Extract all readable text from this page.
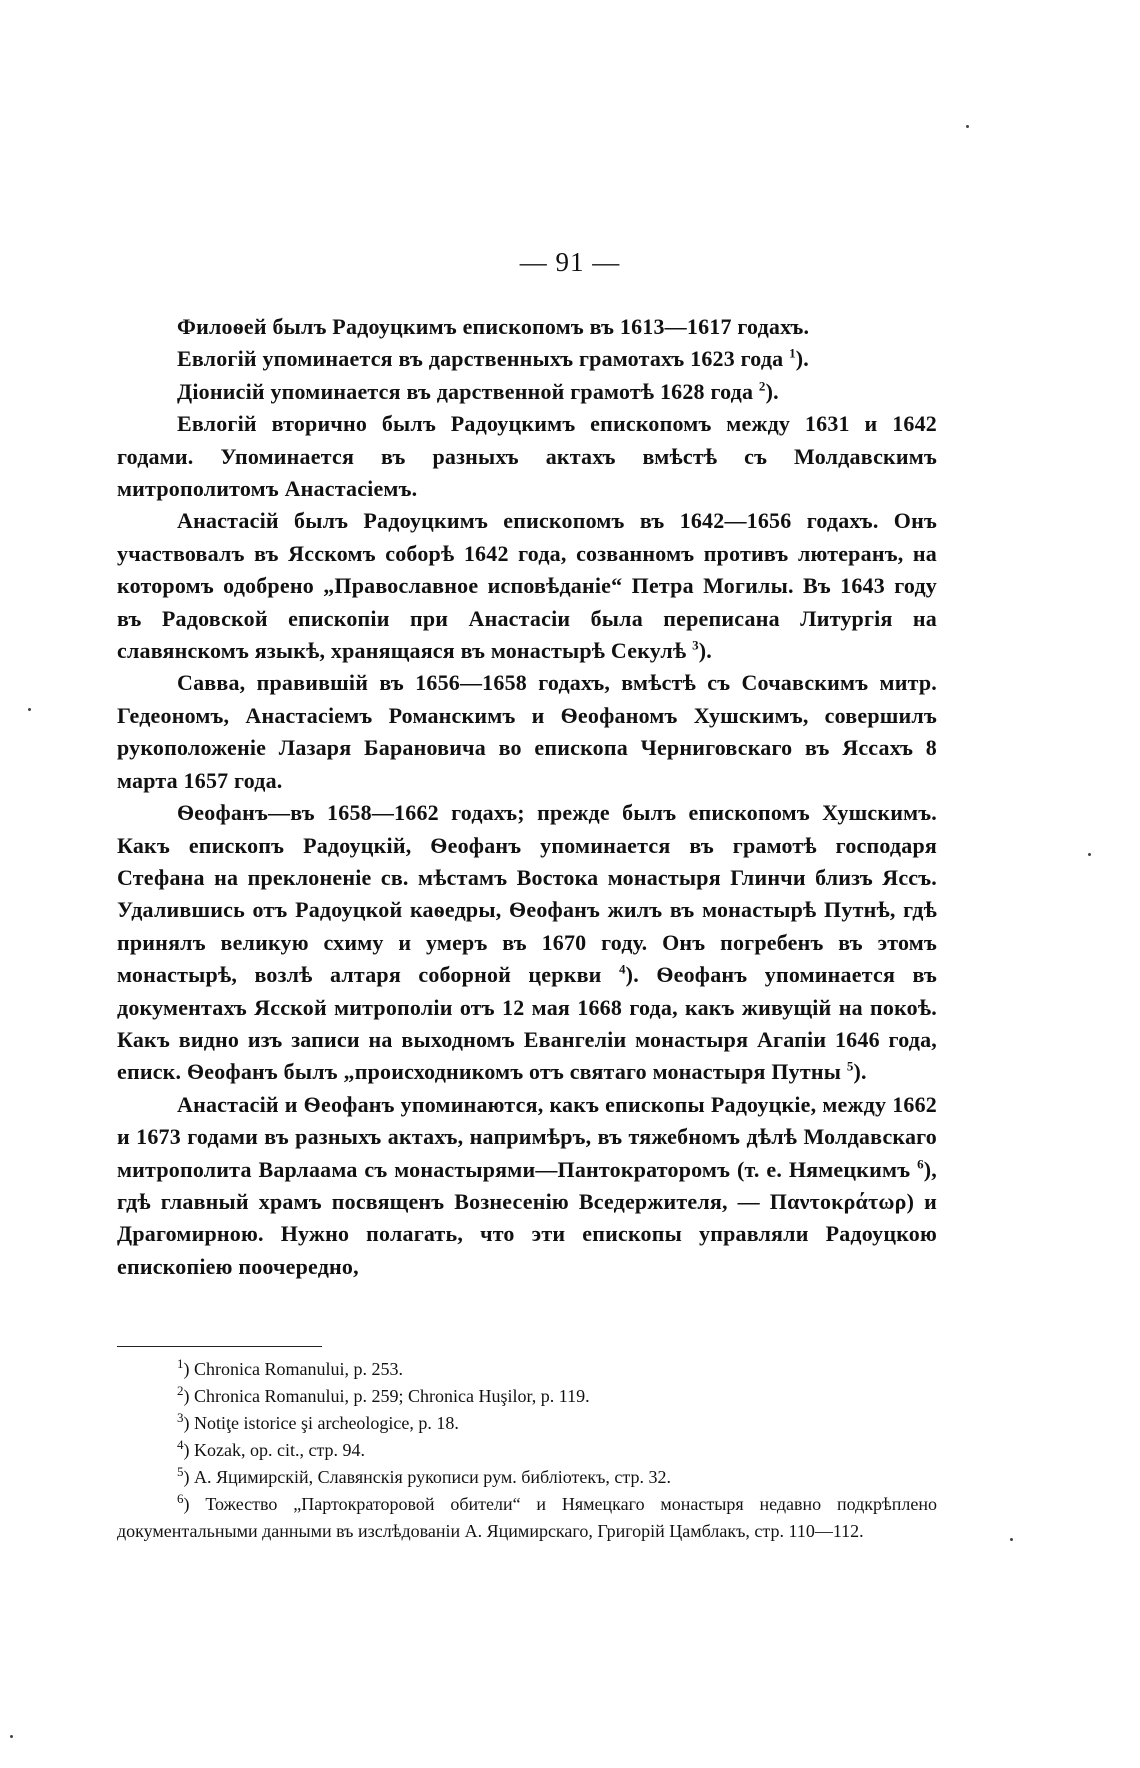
— 91 —

Филоѳей былъ Радоуцкимъ епископомъ въ 1613—1617 годахъ.

Евлогій упоминается въ дарственныхъ грамотахъ 1623 года $^1$).

Діонисій упоминается въ дарственной грамотѣ 1628 года $^2$).

Евлогій вторично былъ Радоуцкимъ епископомъ между 1631 и 1642 годами. Упоминается въ разныхъ актахъ вмѣстѣ съ Молдавскимъ митрополитомъ Анастасіемъ.

Анастасій былъ Радоуцкимъ епископомъ въ 1642—1656 годахъ. Онъ участвовалъ въ Ясскомъ соборѣ 1642 года, созванномъ противъ лютеранъ, на которомъ одобрено „Православное исповѣданіе“ Петра Могилы. Въ 1643 году въ Радовской епископіи при Анастасіи была переписана Литургія на славянскомъ языкѣ, хранящаяся въ монастырѣ Секулѣ $^3$).

Савва, правившій въ 1656—1658 годахъ, вмѣстѣ съ Сочавскимъ митр. Гедеономъ, Анастасіемъ Романскимъ и Ѳеофаномъ Хушскимъ, совершилъ рукоположеніе Лазаря Барановича во епископа Черниговскаго въ Яссахъ 8 марта 1657 года.

Ѳеофанъ—въ 1658—1662 годахъ; прежде былъ епископомъ Хушскимъ. Какъ епископъ Радоуцкій, Ѳеофанъ упоминается въ грамотѣ господаря Стефана на преклоненіе св. мѣстамъ Востока монастыря Глинчи близъ Яссъ. Удалившись отъ Радоуцкой каѳедры, Ѳеофанъ жилъ въ монастырѣ Путнѣ, гдѣ принялъ великую схиму и умеръ въ 1670 году. Онъ погребенъ въ этомъ монастырѣ, возлѣ алтаря соборной церкви $^4$). Ѳеофанъ упоминается въ документахъ Ясской митрополіи отъ 12 мая 1668 года, какъ живущій на покоѣ. Какъ видно изъ записи на выходномъ Евангеліи монастыря Агапіи 1646 года, еписк. Ѳеофанъ былъ „происходникомъ отъ святаго монастыря Путны $^5$).

Анастасій и Ѳеофанъ упоминаются, какъ епископы Радоуцкіе, между 1662 и 1673 годами въ разныхъ актахъ, напримѣръ, въ тяжебномъ дѣлѣ Молдавскаго митрополита Варлаама съ монастырями—Пантократоромъ (т. е. Нямецкимъ $^6$), гдѣ главный храмъ посвященъ Вознесенію Вседержителя, — Παντοκράτωρ) и Драгомирною. Нужно полагать, что эти епископы управляли Радоуцкою епископіею поочередно,

$^1$) Chronica Romanului, p. 253.

$^2$) Chronica Romanului, p. 259; Chronica Huşilor, p. 119.

$^3$) Notiţe istorice şi archeologice, p. 18.

$^4$) Kozak, op. cit., стр. 94.

$^5$) А. Яцимирскій, Славянскія рукописи рум. библіотекъ, стр. 32.

$^6$) Тожество „Партократоровой обители“ и Нямецкаго монастыря недавно подкрѣплено документальными данными въ изслѣдованіи А. Яцимирскаго, Григорій Цамблакъ, стр. 110—112.
